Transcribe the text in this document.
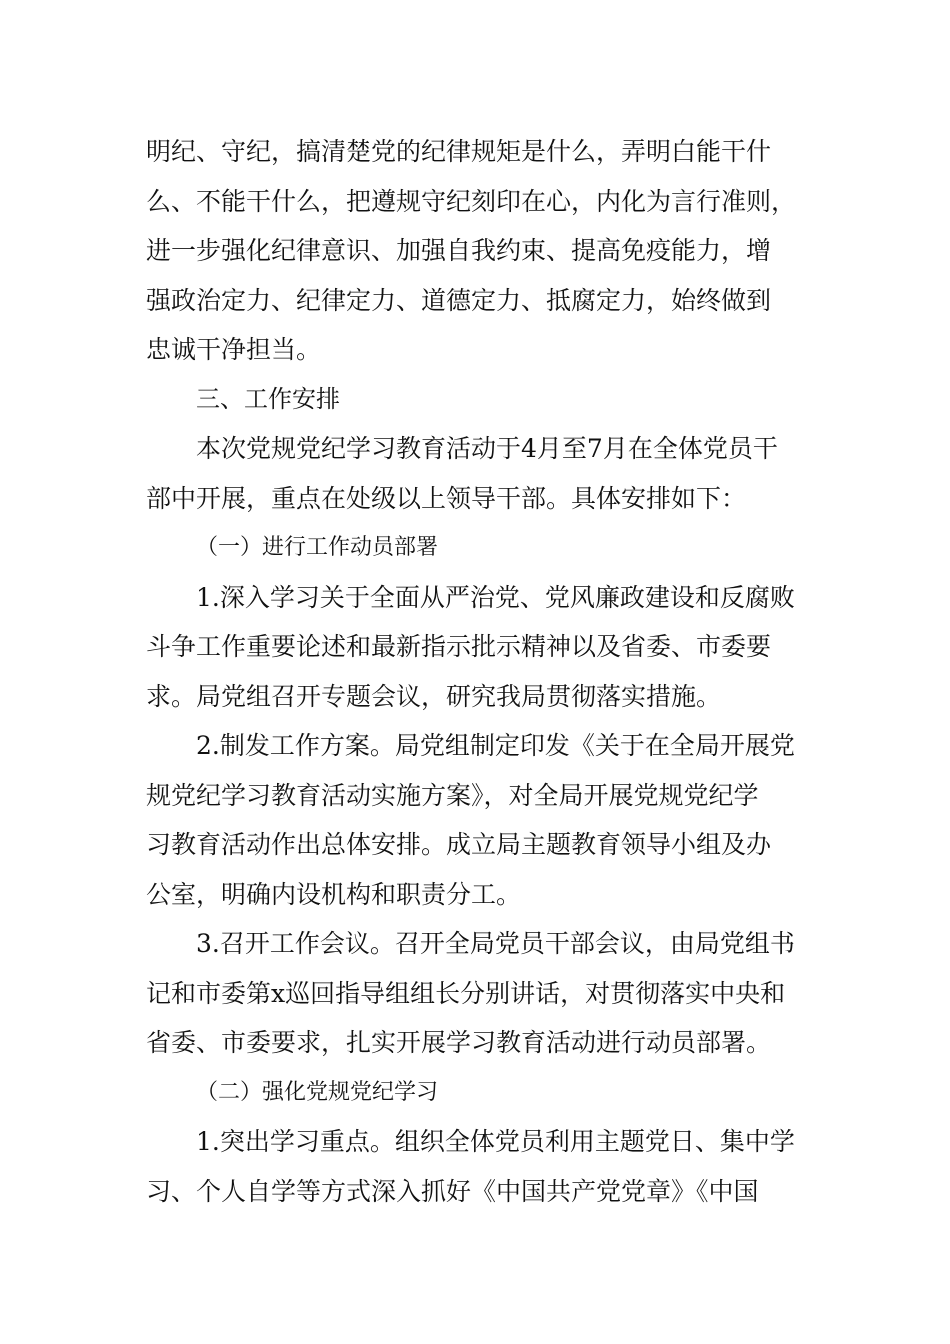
明纪、守纪，搞清楚党的纪律规矩是什么，弄明白能干什
么、不能干什么，把遵规守纪刻印在心，内化为言行准则，
进一步强化纪律意识、加强自我约束、提高免疫能力，增
强政治定力、纪律定力、道德定力、抵腐定力，始终做到
忠诚干净担当。
三、工作安排
本次党规党纪学习教育活动于4月至7月在全体党员干
部中开展，重点在处级以上领导干部。具体安排如下：
（一）进行工作动员部署
1.深入学习关于全面从严治党、党风廉政建设和反腐败
斗争工作重要论述和最新指示批示精神以及省委、市委要
求。局党组召开专题会议，研究我局贯彻落实措施。
2.制发工作方案。局党组制定印发《关于在全局开展党
规党纪学习教育活动实施方案》，对全局开展党规党纪学
习教育活动作出总体安排。成立局主题教育领导小组及办
公室，明确内设机构和职责分工。
3.召开工作会议。召开全局党员干部会议，由局党组书
记和市委第x巡回指导组组长分别讲话，对贯彻落实中央和
省委、市委要求，扎实开展学习教育活动进行动员部署。
（二）强化党规党纪学习
1.突出学习重点。组织全体党员利用主题党日、集中学
习、个人自学等方式深入抓好《中国共产党党章》《中国
